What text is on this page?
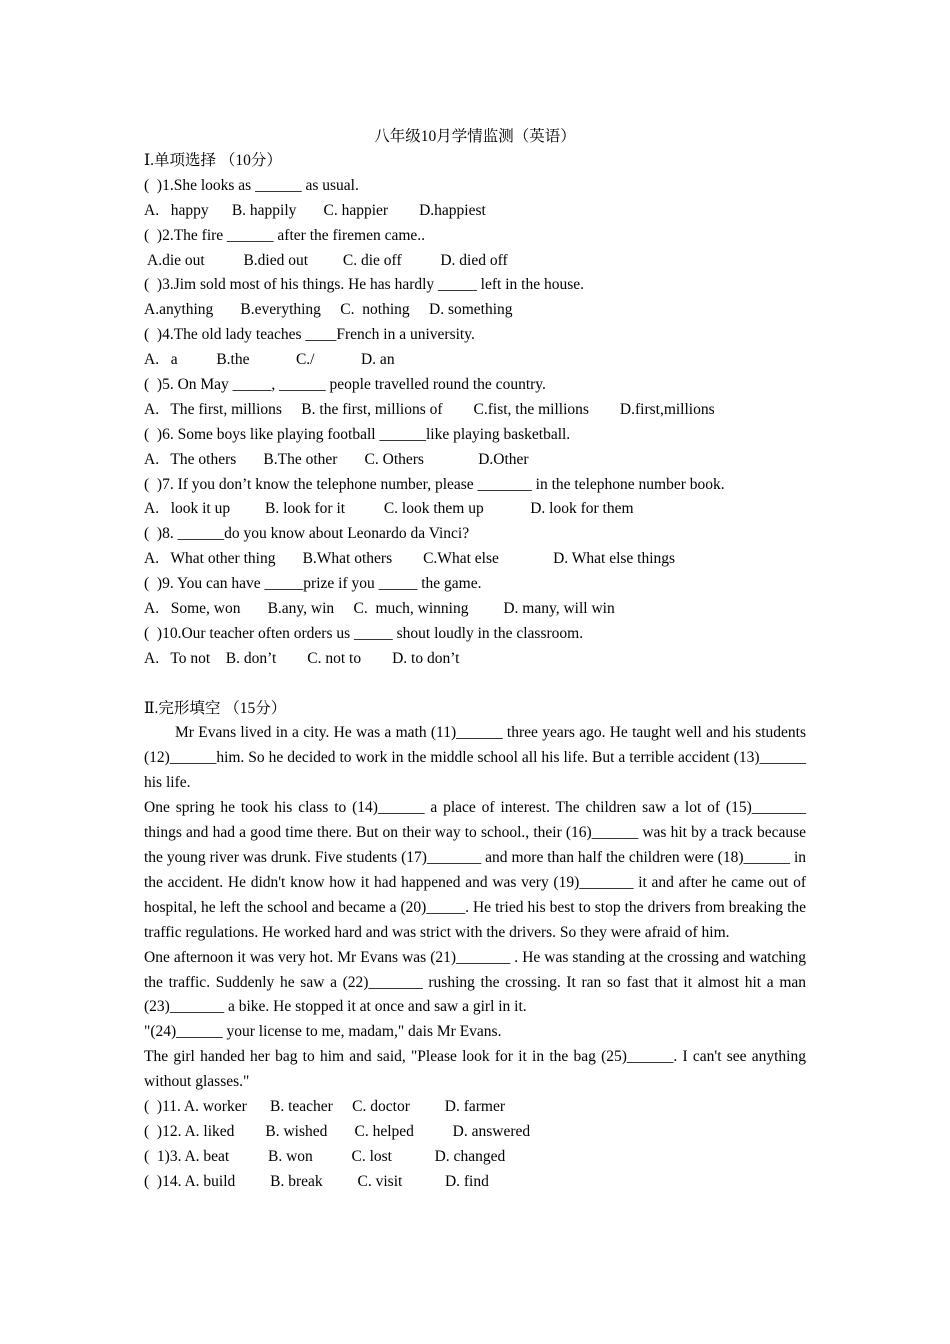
八年级10月学情监测（英语）
Ⅰ.单项选择 （10分）
(  )1.She looks as ______ as usual.
A.   happy      B. happily       C. happier        D.happiest
(  )2.The fire ______ after the firemen came..
A.die out          B.died out         C. die off          D. died off
(  )3.Jim sold most of his things. He has hardly _____ left in the house.
A.anything       B.everything     C.  nothing     D. something
(  )4.The old lady teaches ____French in a university.
A.   a          B.the            C./            D. an
(  )5. On May _____, ______ people travelled round the country.
A.   The first, millions     B. the first, millions of        C.fist, the millions        D.first,millions
(  )6. Some boys like playing football ______like playing basketball.
A.   The others       B.The other       C. Others              D.Other
(  )7. If you don’t know the telephone number, please _______ in the telephone number book.
A.   look it up         B. look for it          C. look them up            D. look for them
(  )8. ______do you know about Leonardo da Vinci?
A.   What other thing       B.What others        C.What else              D. What else things
(  )9. You can have _____prize if you _____ the game.
A.   Some, won       B.any, win     C.  much, winning         D. many, will win
(  )10.Our teacher often orders us _____ shout loudly in the classroom.
A.   To not    B. don’t        C. not to        D. to don’t
Ⅱ.完形填空 （15分）
Mr Evans lived in a city. He was a math (11)______ three years ago. He taught well and his students (12)______him. So he decided to work in the middle school all his life. But a terrible accident (13)______ his life.
One spring he took his class to (14)______ a place of interest. The children saw a lot of (15)_______ things and had a good time there. But on their way to school., their (16)______ was hit by a track because the young river was drunk. Five students (17)_______ and more than half the children were (18)______ in the accident. He didn't know how it had happened and was very (19)_______ it and after he came out of hospital, he left the school and became a (20)_____. He tried his best to stop the drivers from breaking the traffic regulations. He worked hard and was strict with the drivers. So they were afraid of him.
One afternoon it was very hot. Mr Evans was (21)_______ . He was standing at the crossing and watching the traffic. Suddenly he saw a (22)_______ rushing the crossing. It ran so fast that it almost hit a man (23)_______ a bike. He stopped it at once and saw a girl in it.
"(24)______ your license to me, madam," dais Mr Evans.
The girl handed her bag to him and said, "Please look for it in the bag (25)______. I can't see anything without glasses."
(  )11. A. worker      B. teacher     C. doctor         D. farmer
(  )12. A. liked        B. wished       C. helped          D. answered
(  1)3. A. beat          B. won          C. lost           D. changed
(  )14. A. build         B. break         C. visit           D. find
